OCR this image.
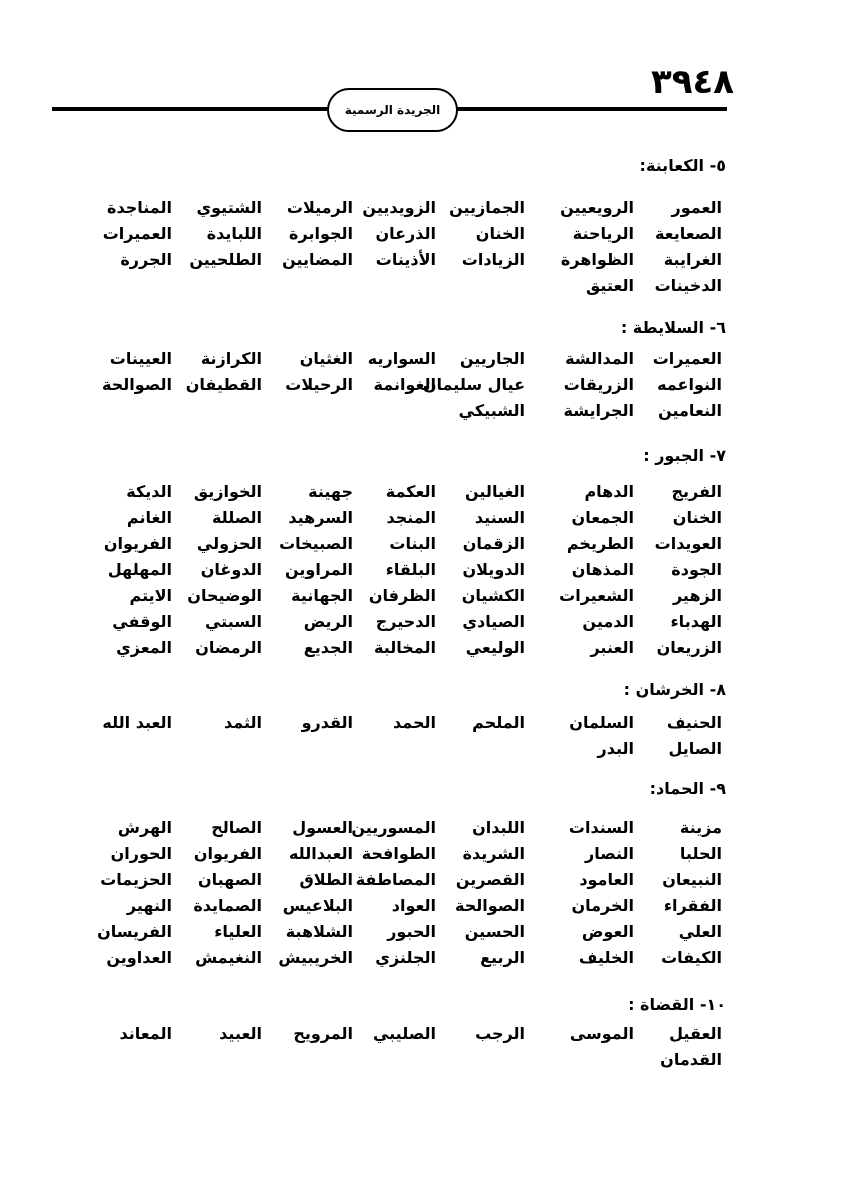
٣٩٤٨
الجريدة الرسمية
٥- الكعابنة:
العمور
الرويعيين
الجمازيين
الزويديين
الرميلات
الشتيوي
المناجدة
الصعايعة
الرياحنة
الخنان
الذرعان
الجوابرة
اللبايدة
العميرات
الغرايبة
الظواهرة
الزيادات
الأذينات
المضايين
الطلحيين
الجررة
الدخينات
العتيق
٦- السلايطة :
العميرات
المدالشة
الجاريين
السواريه
الغثيان
الكرازنة
العيينات
النواعمه
الزريقات
عيال سليمان
الغوانمة
الرحيلات
القطيفان
الصوالحة
النعامين
الجرايشة
الشبيكي
٧- الجبور :
الفريج
الدهام
الغيالين
العكمة
جهينة
الخوازيق
الديكة
الخنان
الجمعان
السنيد
المنجد
السرهيد
الصللة
الغانم
العويدات
الطريخم
الزقمان
البنات
الصبيخات
الحزولي
الفريوان
الجودة
المذهان
الدويلان
البلقاء
المراوين
الدوغان
المهلهل
الزهير
الشعيرات
الكشيان
الظرفان
الجهانية
الوضيحان
الايتم
الهدباء
الدمين
الصيادي
الدحيرج
الريض
السبتي
الوقفي
الزريعان
العنبر
الوليعي
المخالبة
الجديع
الرمضان
المعزي
٨- الخرشان :
الحنيف
السلمان
الملحم
الحمد
القدرو
الثمد
العبد الله
الصايل
البدر
٩- الحماد:
مزينة
السندات
اللبدان
المسوريين
العسول
الصالح
الهرش
الحلبا
النصار
الشريدة
الطوافحة
العبدالله
الفريوان
الحوران
النبيعان
العامود
القصرين
المصاطفة
الطلاق
الصهبان
الحزيمات
الفقراء
الخرمان
الصوالحة
العواد
البلاعيس
الصمايدة
النهير
العلي
العوض
الحسين
الحبور
الشلاهبة
العلياء
الفريسان
الكيفات
الخليف
الربيع
الجلنزي
الخريبيش
النغيمش
العداوين
١٠- القضاة :
العقيل
الموسى
الرجب
الصليبي
المرويح
العبيد
المعاند
القدمان
